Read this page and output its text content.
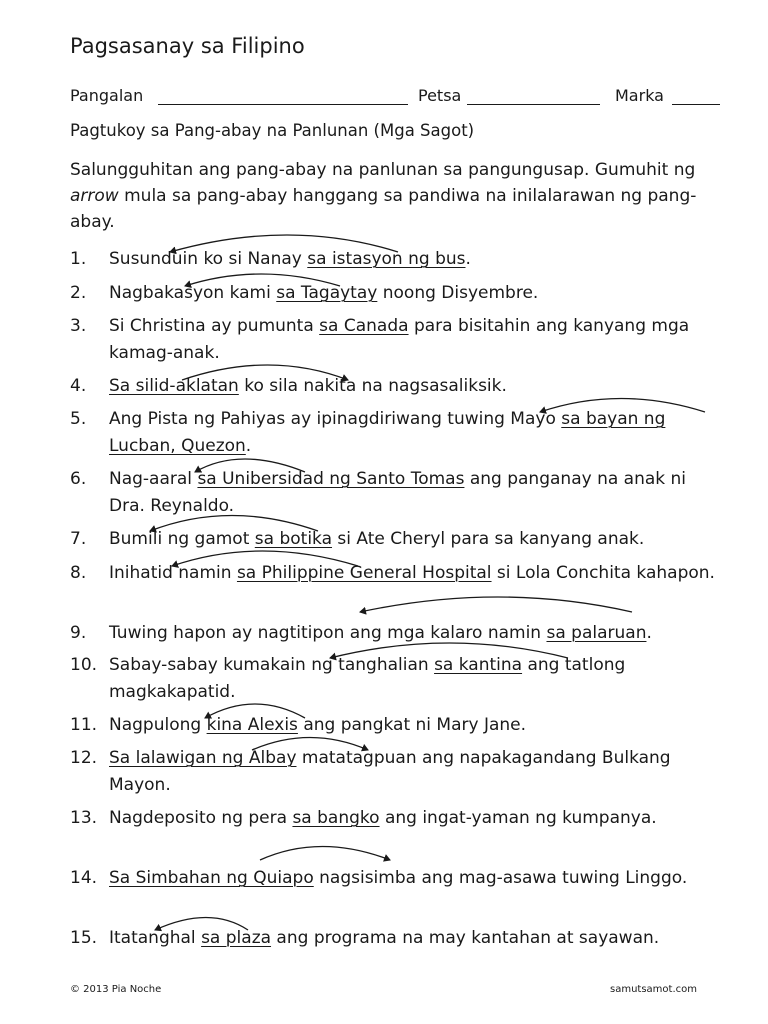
Pagsasanay sa Filipino
Pangalan	Petsa	Marka
Pagtukoy sa Pang-abay na Panlunan (Mga Sagot)

Salungguhitan ang pang-abay na panlunan sa pangungusap. Gumuhit ng arrow mula sa pang-abay hanggang sa pandiwa na inilalarawan ng pang-abay.

1.	Susunduin ko si Nanay sa istasyon ng bus.
2.	Nagbakasyon kami sa Tagaytay noong Disyembre.
3.	Si Christina ay pumunta sa Canada para bisitahin ang kanyang mga kamag-anak.
4.	Sa silid-aklatan ko sila nakita na nagsasaliksik.
5.	Ang Pista ng Pahiyas ay ipinagdiriwang tuwing Mayo sa bayan ng Lucban, Quezon.
6.	Nag-aaral sa Unibersidad ng Santo Tomas ang panganay na anak ni Dra. Reynaldo.
7.	Bumili ng gamot sa botika si Ate Cheryl para sa kanyang anak.
8.	Inihatid namin sa Philippine General Hospital si Lola Conchita kahapon.
9.	Tuwing hapon ay nagtitipon ang mga kalaro namin sa palaruan.
10. Sabay-sabay kumakain ng tanghalian sa kantina ang tatlong magkakapatid.
11. Nagpulong kina Alexis ang pangkat ni Mary Jane.
12. Sa lalawigan ng Albay matatagpuan ang napakagandang Bulkang Mayon.
13. Nagdeposito ng pera sa bangko ang ingat-yaman ng kumpanya.
14. Sa Simbahan ng Quiapo nagsisimba ang mag-asawa tuwing Linggo.
15. Itatanghal sa plaza ang programa na may kantahan at sayawan.
© 2013 Pia Noche	samutsamot.com
